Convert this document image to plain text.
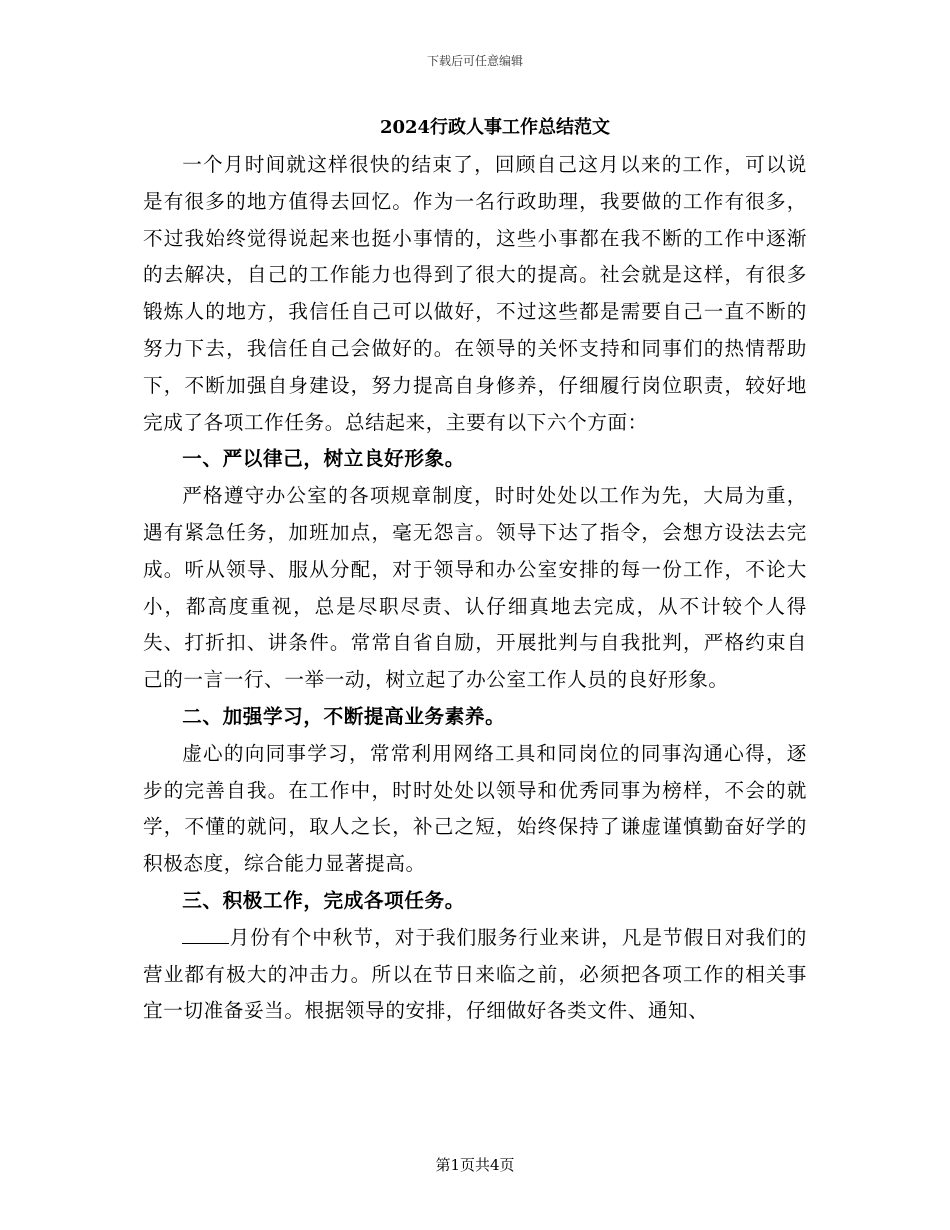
下载后可任意编辑
2024行政人事工作总结范文

一个月时间就这样很快的结束了，回顾自己这月以来的工作，可以说是有很多的地方值得去回忆。作为一名行政助理，我要做的工作有很多，不过我始终觉得说起来也挺小事情的，这些小事都在我不断的工作中逐渐的去解决，自己的工作能力也得到了很大的提高。社会就是这样，有很多锻炼人的地方，我信任自己可以做好，不过这些都是需要自己一直不断的努力下去，我信任自己会做好的。在领导的关怀支持和同事们的热情帮助下，不断加强自身建设，努力提高自身修养，仔细履行岗位职责，较好地完成了各项工作任务。总结起来，主要有以下六个方面：

一、严以律己，树立良好形象。

严格遵守办公室的各项规章制度，时时处处以工作为先，大局为重，遇有紧急任务，加班加点，毫无怨言。领导下达了指令，会想方设法去完成。听从领导、服从分配，对于领导和办公室安排的每一份工作，不论大小，都高度重视，总是尽职尽责、认仔细真地去完成，从不计较个人得失、打折扣、讲条件。常常自省自励，开展批判与自我批判，严格约束自己的一言一行、一举一动，树立起了办公室工作人员的良好形象。

二、加强学习，不断提高业务素养。

虚心的向同事学习，常常利用网络工具和同岗位的同事沟通心得，逐步的完善自我。在工作中，时时处处以领导和优秀同事为榜样，不会的就学，不懂的就问，取人之长，补己之短，始终保持了谦虚谨慎勤奋好学的积极态度，综合能力显著提高。

三、积极工作，完成各项任务。

月份有个中秋节，对于我们服务行业来讲，凡是节假日对我们的营业都有极大的冲击力。所以在节日来临之前，必须把各项工作的相关事宜一切准备妥当。根据领导的安排，仔细做好各类文件、通知、

第1页共4页
